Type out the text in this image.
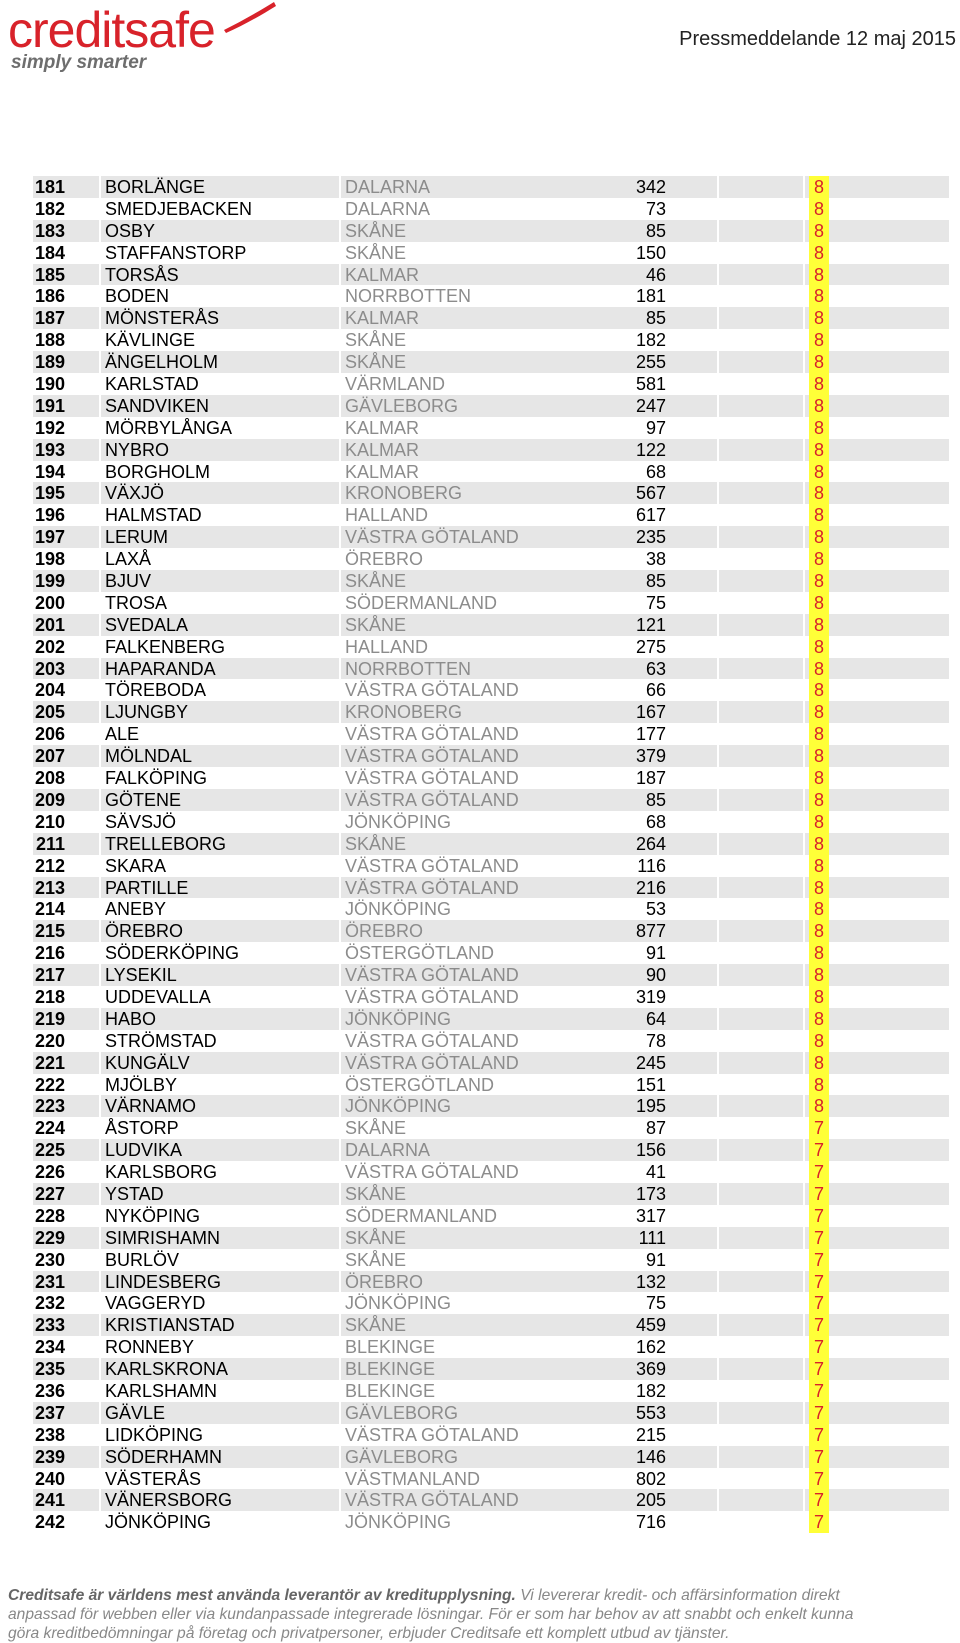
creditsafe
simply smarter
Pressmeddelande 12 maj 2015
181 BORLÄNGE	DALARNA	342	8
182 SMEDJEBACKEN	DALARNA	73	8
183 OSBY	SKÅNE	85	8
184 STAFFANSTORP	SKÅNE	150	8
185 TORSÅS	KALMAR	46	8
186 BODEN	NORRBOTTEN	181	8
187 MÖNSTERÅS	KALMAR	85	8
188 KÄVLINGE	SKÅNE	182	8
189 ÄNGELHOLM	SKÅNE	255	8
190 KARLSTAD	VÄRMLAND	581	8
191 SANDVIKEN	GÄVLEBORG	247	8
192 MÖRBYLÅNGA	KALMAR	97	8
193 NYBRO	KALMAR	122	8
194 BORGHOLM	KALMAR	68	8
195 VÄXJÖ	KRONOBERG	567	8
196 HALMSTAD	HALLAND	617	8
197 LERUM	VÄSTRA GÖTALAND	235	8
198 LAXÅ	ÖREBRO	38	8
199 BJUV	SKÅNE	85	8
200 TROSA	SÖDERMANLAND	75	8
201 SVEDALA	SKÅNE	121	8
202 FALKENBERG	HALLAND	275	8
203 HAPARANDA	NORRBOTTEN	63	8
204 TÖREBODA	VÄSTRA GÖTALAND	66	8
205 LJUNGBY	KRONOBERG	167	8
206 ALE	VÄSTRA GÖTALAND	177	8
207 MÖLNDAL	VÄSTRA GÖTALAND	379	8
208 FALKÖPING	VÄSTRA GÖTALAND	187	8
209 GÖTENE	VÄSTRA GÖTALAND	85	8
210 SÄVSJÖ	JÖNKÖPING	68	8
211 TRELLEBORG	SKÅNE	264	8
212 SKARA	VÄSTRA GÖTALAND	116	8
213 PARTILLE	VÄSTRA GÖTALAND	216	8
214 ANEBY	JÖNKÖPING	53	8
215 ÖREBRO	ÖREBRO	877	8
216 SÖDERKÖPING	ÖSTERGÖTLAND	91	8
217 LYSEKIL	VÄSTRA GÖTALAND	90	8
218 UDDEVALLA	VÄSTRA GÖTALAND	319	8
219 HABO	JÖNKÖPING	64	8
220 STRÖMSTAD	VÄSTRA GÖTALAND	78	8
221 KUNGÄLV	VÄSTRA GÖTALAND	245	8
222 MJÖLBY	ÖSTERGÖTLAND	151	8
223 VÄRNAMO	JÖNKÖPING	195	8
224 ÅSTORP	SKÅNE	87	7
225 LUDVIKA	DALARNA	156	7
226 KARLSBORG	VÄSTRA GÖTALAND	41	7
227 YSTAD	SKÅNE	173	7
228 NYKÖPING	SÖDERMANLAND	317	7
229 SIMRISHAMN	SKÅNE	111	7
230 BURLÖV	SKÅNE	91	7
231 LINDESBERG	ÖREBRO	132	7
232 VAGGERYD	JÖNKÖPING	75	7
233 KRISTIANSTAD	SKÅNE	459	7
234 RONNEBY	BLEKINGE	162	7
235 KARLSKRONA	BLEKINGE	369	7
236 KARLSHAMN	BLEKINGE	182	7
237 GÄVLE	GÄVLEBORG	553	7
238 LIDKÖPING	VÄSTRA GÖTALAND	215	7
239 SÖDERHAMN	GÄVLEBORG	146	7
240 VÄSTERÅS	VÄSTMANLAND	802	7
241 VÄNERSBORG	VÄSTRA GÖTALAND	205	7
242 JÖNKÖPING	JÖNKÖPING	716	7
Creditsafe är världens mest använda leverantör av kreditupplysning. Vi levererar kredit- och affärsinformation direkt
anpassad för webben eller via kundanpassade integrerade lösningar. För er som har behov av att snabbt och enkelt kunna
göra kreditbedömningar på företag och privatpersoner, erbjuder Creditsafe ett komplett utbud av tjänster.
